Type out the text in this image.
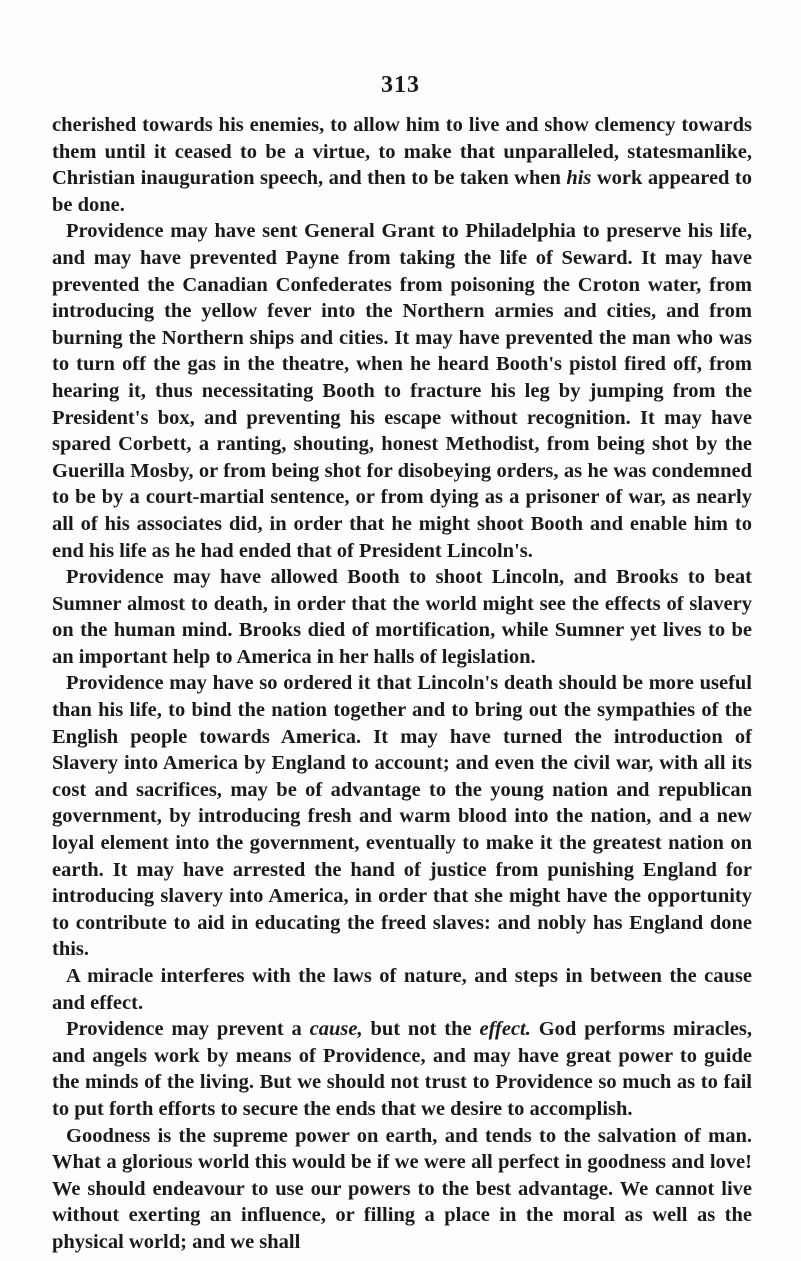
313

cherished towards his enemies, to allow him to live and show clemency towards them until it ceased to be a virtue, to make that unparalleled, statesmanlike, Christian inauguration speech, and then to be taken when his work appeared to be done.

Providence may have sent General Grant to Philadelphia to preserve his life, and may have prevented Payne from taking the life of Seward. It may have prevented the Canadian Confederates from poisoning the Croton water, from introducing the yellow fever into the Northern armies and cities, and from burning the Northern ships and cities. It may have prevented the man who was to turn off the gas in the theatre, when he heard Booth's pistol fired off, from hearing it, thus necessitating Booth to fracture his leg by jumping from the President's box, and preventing his escape without recognition. It may have spared Corbett, a ranting, shouting, honest Methodist, from being shot by the Guerilla Mosby, or from being shot for disobeying orders, as he was condemned to be by a court-martial sentence, or from dying as a prisoner of war, as nearly all of his associates did, in order that he might shoot Booth and enable him to end his life as he had ended that of President Lincoln's.

Providence may have allowed Booth to shoot Lincoln, and Brooks to beat Sumner almost to death, in order that the world might see the effects of slavery on the human mind. Brooks died of mortification, while Sumner yet lives to be an important help to America in her halls of legislation.

Providence may have so ordered it that Lincoln's death should be more useful than his life, to bind the nation together and to bring out the sympathies of the English people towards America. It may have turned the introduction of Slavery into America by England to account; and even the civil war, with all its cost and sacrifices, may be of advantage to the young nation and republican government, by introducing fresh and warm blood into the nation, and a new loyal element into the government, eventually to make it the greatest nation on earth. It may have arrested the hand of justice from punishing England for introducing slavery into America, in order that she might have the opportunity to contribute to aid in educating the freed slaves: and nobly has England done this.

A miracle interferes with the laws of nature, and steps in between the cause and effect.

Providence may prevent a cause, but not the effect. God performs miracles, and angels work by means of Providence, and may have great power to guide the minds of the living. But we should not trust to Providence so much as to fail to put forth efforts to secure the ends that we desire to accomplish.

Goodness is the supreme power on earth, and tends to the salvation of man. What a glorious world this would be if we were all perfect in goodness and love! We should endeavour to use our powers to the best advantage. We cannot live without exerting an influence, or filling a place in the moral as well as the physical world; and we shall
